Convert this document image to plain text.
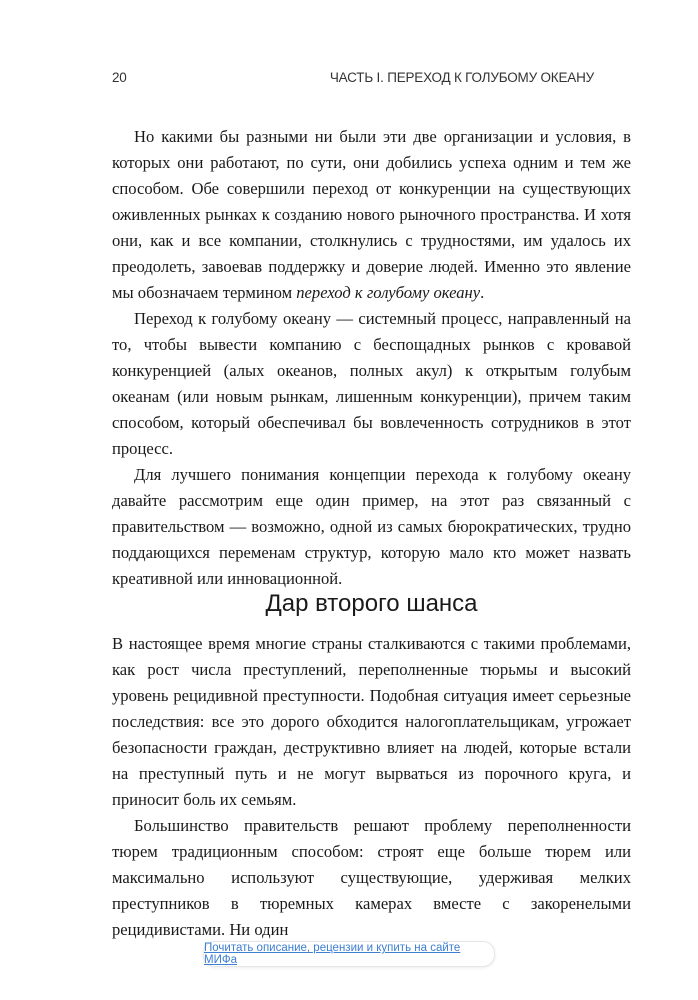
20	ЧАСТЬ I. ПЕРЕХОД К ГОЛУБОМУ ОКЕАНУ

Но какими бы разными ни были эти две организации и условия, в которых они работают, по сути, они добились успеха одним и тем же способом. Обе совершили переход от конкуренции на существующих оживленных рынках к созданию нового рыночного пространства. И хотя они, как и все компании, столкнулись с трудностями, им удалось их преодолеть, завоевав поддержку и доверие людей. Именно это явление мы обозначаем термином переход к голубому океану.

Переход к голубому океану — системный процесс, направленный на то, чтобы вывести компанию с беспощадных рынков с кровавой конкуренцией (алых океанов, полных акул) к открытым голубым океанам (или новым рынкам, лишенным конкуренции), причем таким способом, который обеспечивал бы вовлеченность сотрудников в этот процесс.

Для лучшего понимания концепции перехода к голубому океану давайте рассмотрим еще один пример, на этот раз связанный с правительством — возможно, одной из самых бюрократических, трудно поддающихся переменам структур, которую мало кто может назвать креативной или инновационной.

Дар второго шанса

В настоящее время многие страны сталкиваются с такими проблемами, как рост числа преступлений, переполненные тюрьмы и высокий уровень рецидивной преступности. Подобная ситуация имеет серьезные последствия: все это дорого обходится налогоплательщикам, угрожает безопасности граждан, деструктивно влияет на людей, которые встали на преступный путь и не могут вырваться из порочного круга, и приносит боль их семьям.

Большинство правительств решают проблему переполненности тюрем традиционным способом: строят еще больше тюрем или максимально используют существующие, удерживая мелких преступников в тюремных камерах вместе с закоренелыми рецидивистами. Ни один

Почитать описание, рецензии и купить на сайте МИФа
